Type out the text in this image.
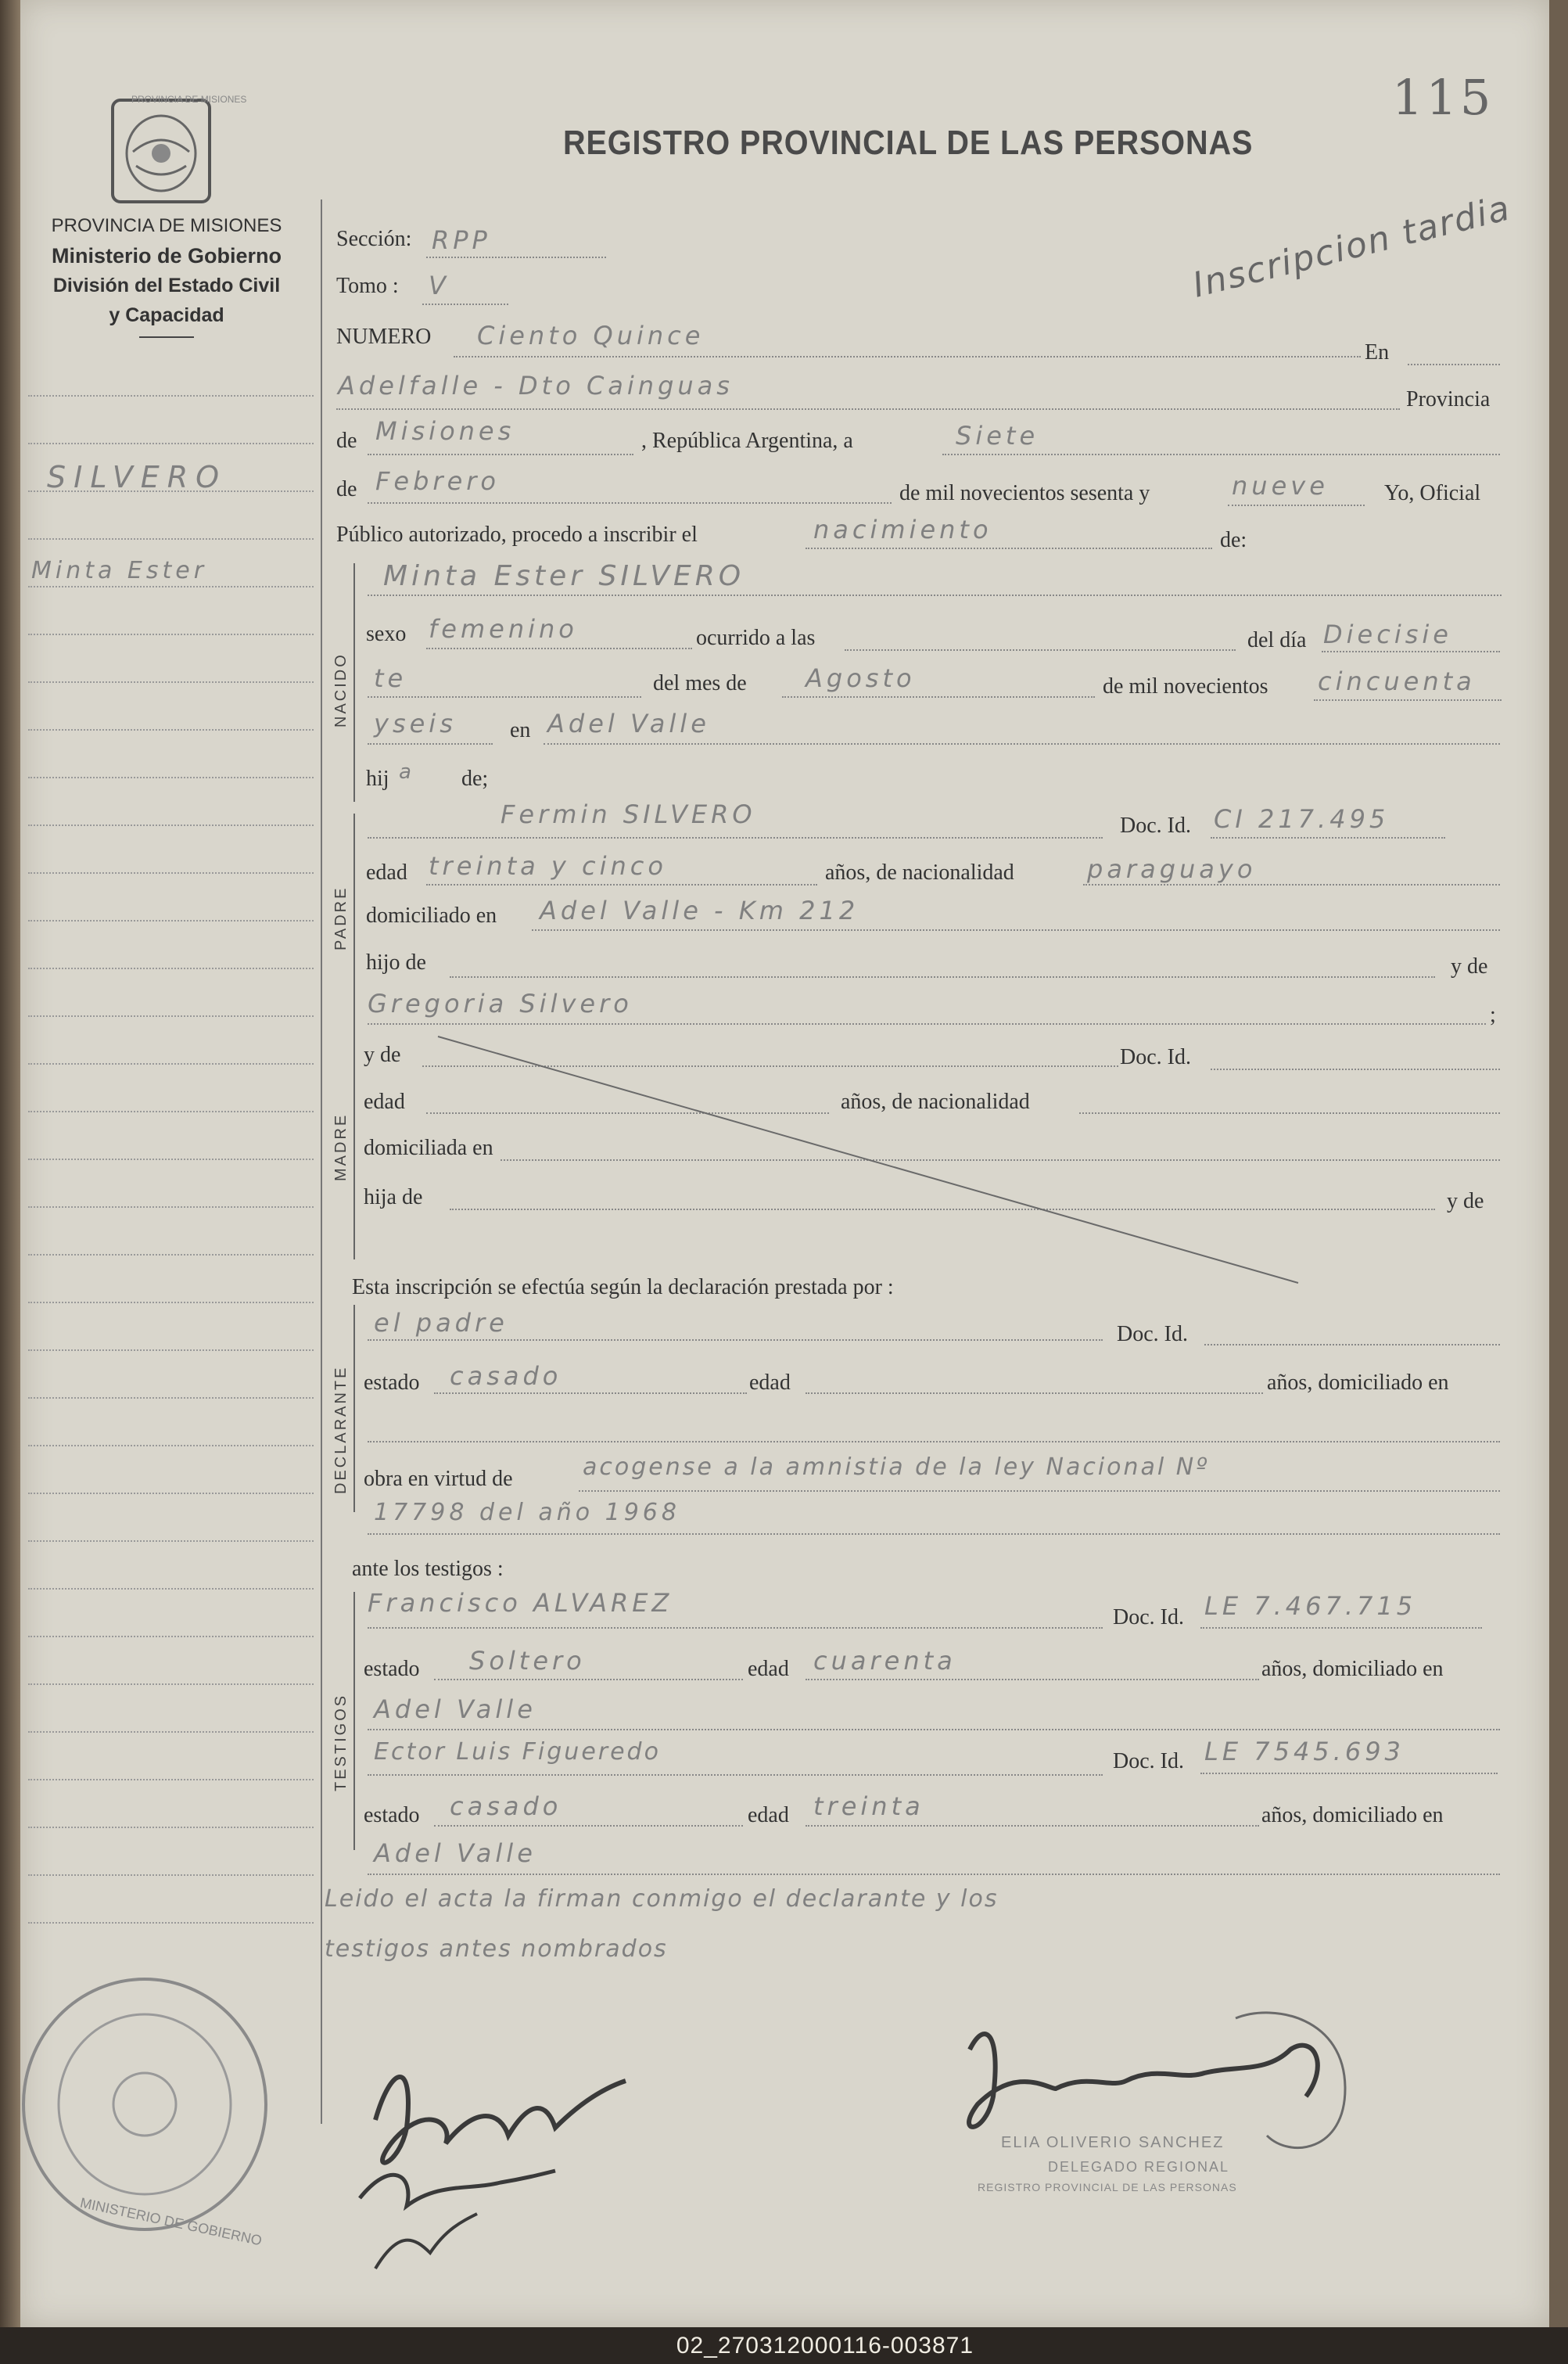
115
REGISTRO PROVINCIAL DE LAS PERSONAS
PROVINCIA DE MISIONES
PROVINCIA DE MISIONES
Ministerio de Gobierno
División del Estado Civil
y Capacidad
SILVERO
Minta Ester
Inscripcion tardia
Sección: RPP
Tomo : V
NUMERO Ciento Quince
En
Adelfalle - Dto Cainguas	Provincia
de Misiones	, República Argentina, a	Siete
de Febrero	de mil novecientos sesenta y	nueve	Yo, Oficial
Público autorizado, procedo a inscribir el	nacimiento	de:
NACIDO
Minta Ester SILVERO
sexo femenino	ocurrido a las	del día Diecisie
te	del mes de Agosto	de mil novecientos cincuenta
yseis en Adel Valle
hij a de;
PADRE
Fermin SILVERO	Doc. Id. CI 217.495
edad treinta y cinco	años, de nacionalidad	paraguayo
domiciliado en Adel Valle - Km 212
hijo de	y de
Gregoria Silvero	;
MADRE
y de	Doc. Id.
edad	años, de nacionalidad
domiciliada en
hija de	y de
Esta inscripción se efectúa según la declaración prestada por :
DECLARANTE
el padre	Doc. Id.
estado casado	edad	años, domiciliado en
obra en virtud de	acogense a la amnistia de la ley Nacional Nº
17798 del año 1968
ante los testigos :
TESTIGOS
Francisco ALVAREZ	Doc. Id. LE 7.467.715
estado Soltero	edad cuarenta	años, domiciliado en
Adel Valle
Ector Luis Figueredo	Doc. Id. LE 7545.693
estado casado	edad treinta	años, domiciliado en
Adel Valle
Leido el acta la firman conmigo el declarante y los
testigos antes nombrados
MINISTERIO DE GOBIERNO
ELIA OLIVERIO SANCHEZ
DELEGADO REGIONAL
REGISTRO PROVINCIAL DE LAS PERSONAS
02_270312000116-003871
